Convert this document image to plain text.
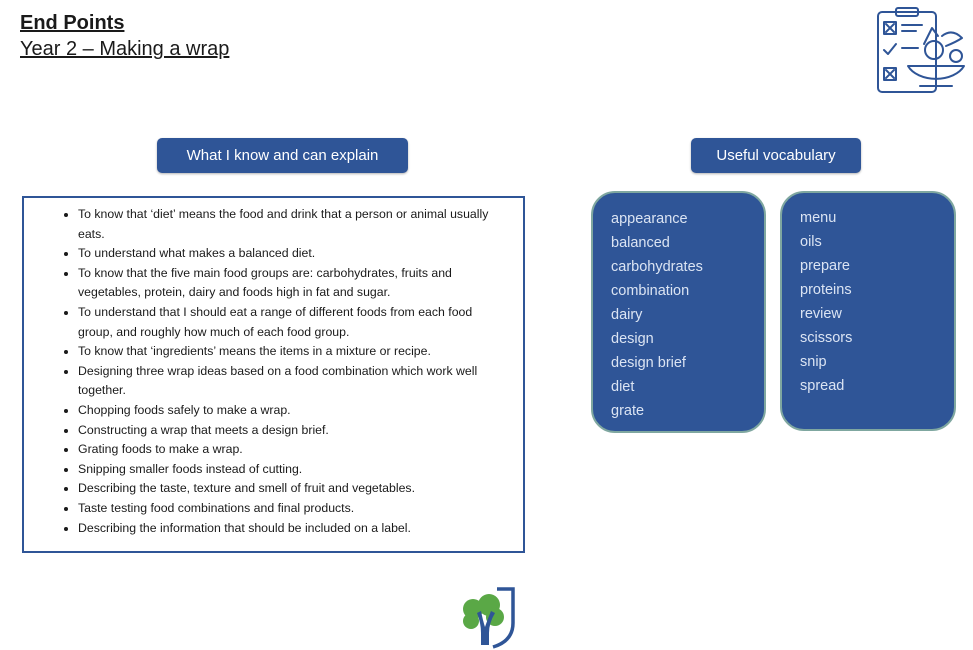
End Points
Year 2 – Making a wrap
What I know and can explain	Useful vocabulary
• To know that ‘diet’ means the food and drink that a person or animal usually eats.
• To understand what makes a balanced diet.
• To know that the five main food groups are: carbohydrates, fruits and vegetables, protein, dairy and foods high in fat and sugar.
• To understand that I should eat a range of different foods from each food group, and roughly how much of each food group.
• To know that ‘ingredients’ means the items in a mixture or recipe.
• Designing three wrap ideas based on a food combination which work well together.
• Chopping foods safely to make a wrap.
• Constructing a wrap that meets a design brief.
• Grating foods to make a wrap.
• Snipping smaller foods instead of cutting.
• Describing the taste, texture and smell of fruit and vegetables.
• Taste testing food combinations and final products.
• Describing the information that should be included on a label.
appearance
balanced
carbohydrates
combination
dairy
design
design brief
diet
grate
menu
oils
prepare
proteins
review
scissors
snip
spread
